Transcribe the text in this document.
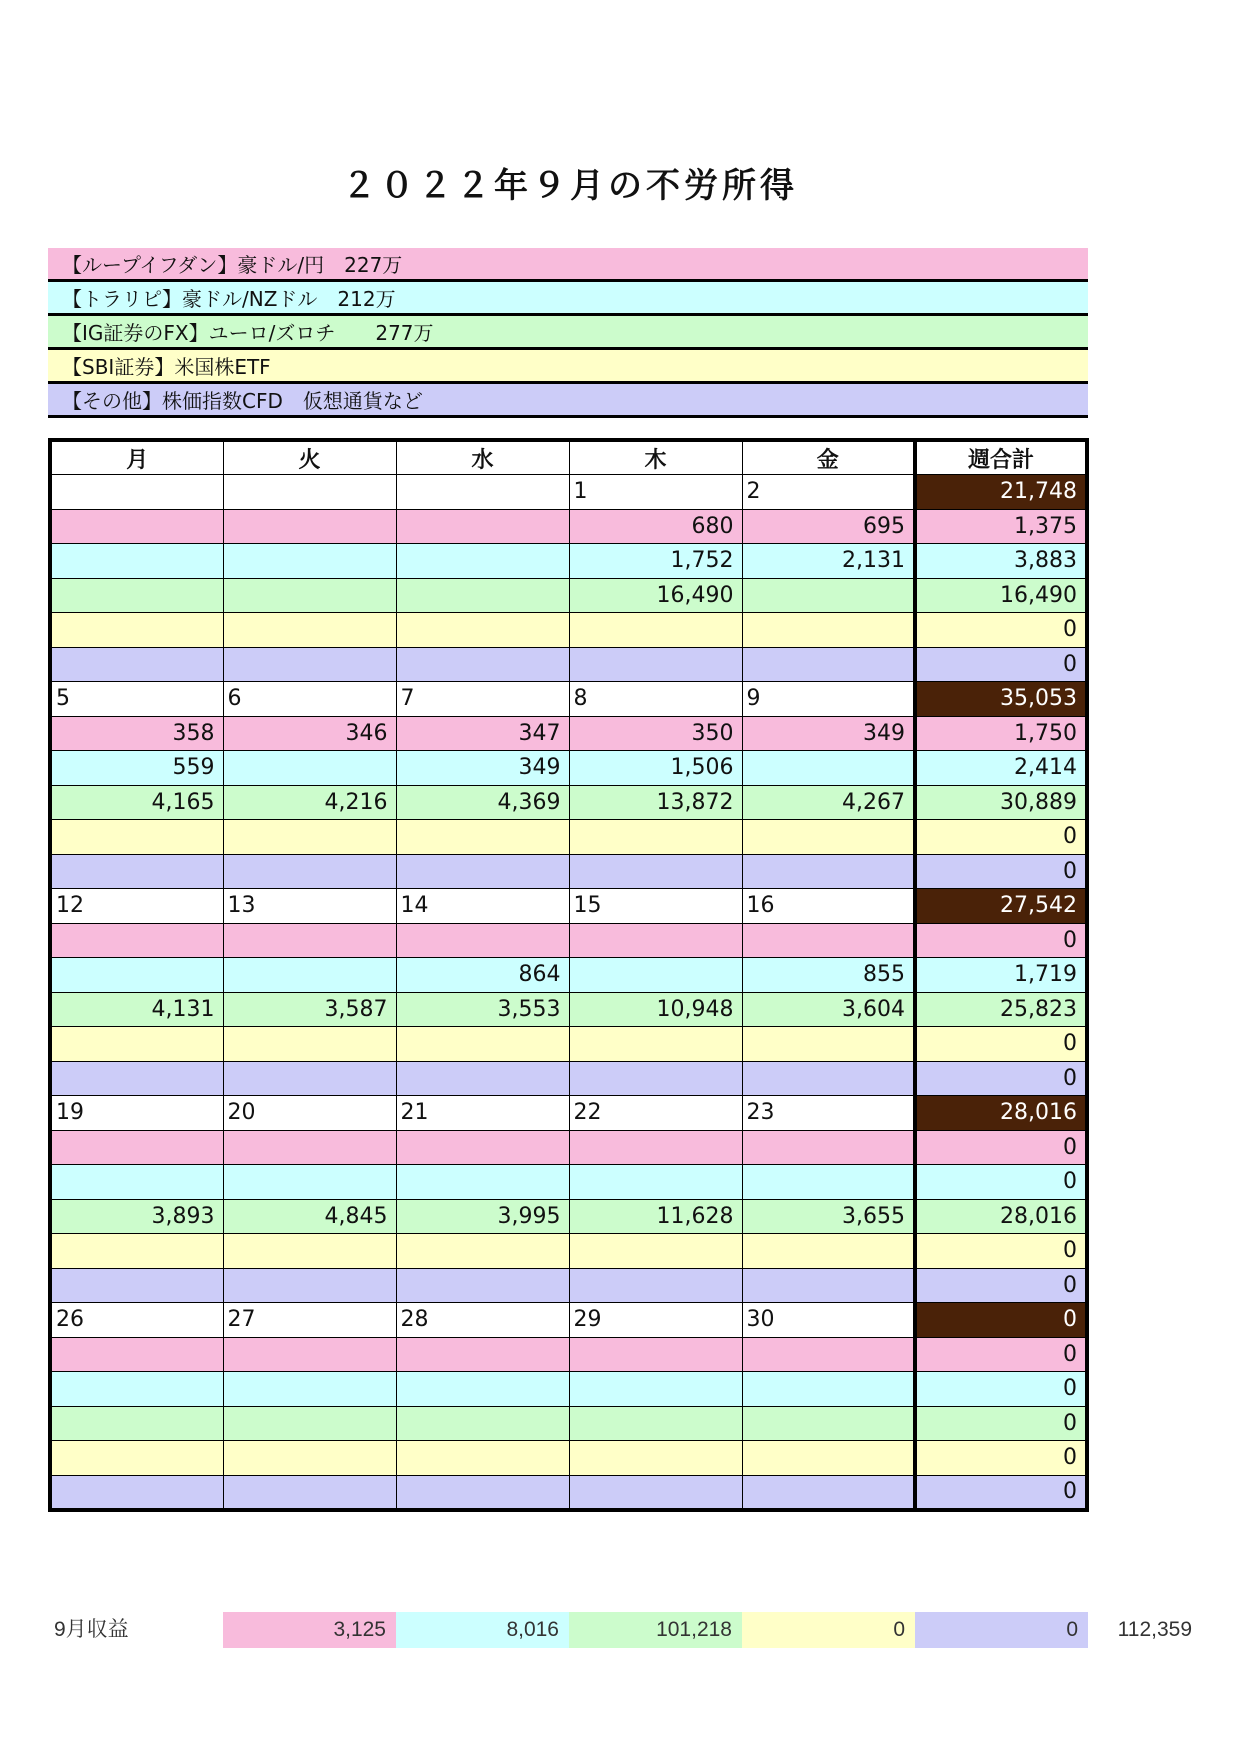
２０２２年９月の不労所得
【ループイフダン】豪ドル/円　227万
【トラリピ】豪ドル/NZドル　212万
【IG証券のFX】ユーロ/ズロチ　　277万
【SBI証券】米国株ETF
【その他】株価指数CFD　仮想通貨など
月	火	水	木	金	週合計
			1	2	21,748
			680	695	1,375
			1,752	2,131	3,883
			16,490		16,490
					0
					0
5	6	7	8	9	35,053
358	346	347	350	349	1,750
559		349	1,506		2,414
4,165	4,216	4,369	13,872	4,267	30,889
					0
					0
12	13	14	15	16	27,542
					0
		864		855	1,719
4,131	3,587	3,553	10,948	3,604	25,823
					0
					0
19	20	21	22	23	28,016
					0
					0
3,893	4,845	3,995	11,628	3,655	28,016
					0
					0
26	27	28	29	30	0
					0
					0
					0
					0
					0
9月収益	3,125	8,016	101,218	0	0	112,359
